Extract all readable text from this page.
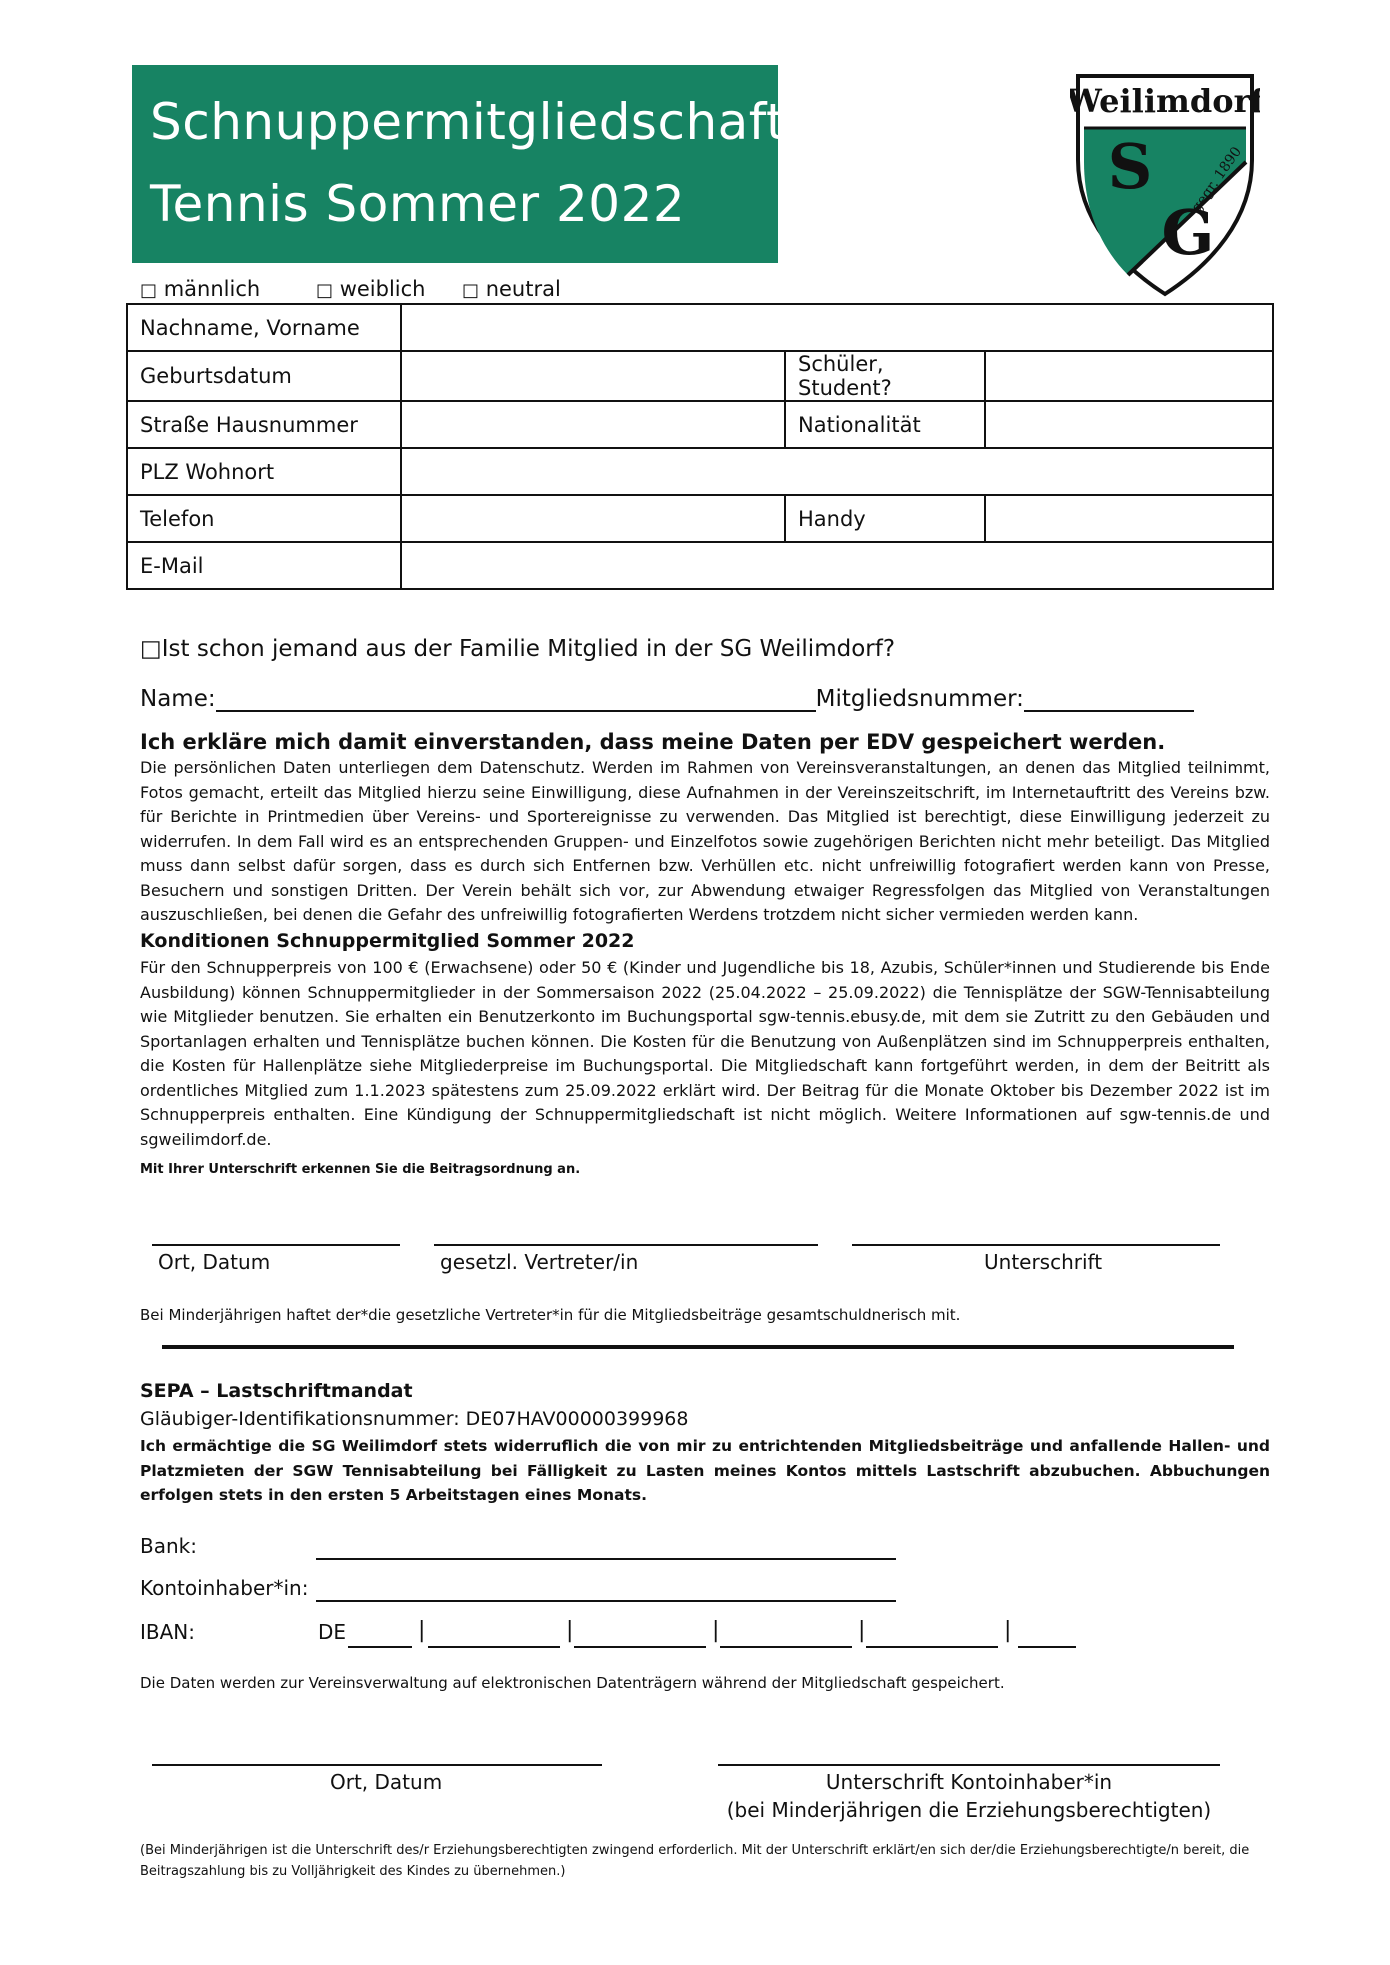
Schnuppermitgliedschaft
Tennis Sommer 2022
Weilimdorf
S
G
gegr. 1890
□ männlich	□ weiblich □ neutral
Nachname, Vorname			
Geburtsdatum		Schüler, Student?	
Straße Hausnummer		Nationalität	
PLZ Wohnort			
Telefon		Handy	
E-Mail			
□Ist schon jemand aus der Familie Mitglied in der SG Weilimdorf?
Name:	Mitgliedsnummer:
Ich erkläre mich damit einverstanden, dass meine Daten per EDV gespeichert werden.
Die persönlichen Daten unterliegen dem Datenschutz. Werden im Rahmen von Vereinsveranstaltungen, an denen das Mitglied teilnimmt, Fotos gemacht, erteilt das Mitglied hierzu seine Einwilligung, diese Aufnahmen in der Vereinszeitschrift, im Internetauftritt des Vereins bzw. für Berichte in Printmedien über Vereins- und Sportereignisse zu verwenden. Das Mitglied ist berechtigt, diese Einwilligung jederzeit zu widerrufen. In dem Fall wird es an entsprechenden Gruppen- und Einzelfotos sowie zugehörigen Berichten nicht mehr beteiligt. Das Mitglied muss dann selbst dafür sorgen, dass es durch sich Entfernen bzw. Verhüllen etc. nicht unfreiwillig fotografiert werden kann von Presse, Besuchern und sonstigen Dritten. Der Verein behält sich vor, zur Abwendung etwaiger Regressfolgen das Mitglied von Veranstaltungen auszuschließen, bei denen die Gefahr des unfreiwillig fotografierten Werdens trotzdem nicht sicher vermieden werden kann.
Konditionen Schnuppermitglied Sommer 2022
Für den Schnupperpreis von 100 € (Erwachsene) oder 50 € (Kinder und Jugendliche bis 18, Azubis, Schüler*innen und Studierende bis Ende Ausbildung) können Schnuppermitglieder in der Sommersaison 2022 (25.04.2022 – 25.09.2022) die Tennisplätze der SGW-Tennisabteilung wie Mitglieder benutzen. Sie erhalten ein Benutzerkonto im Buchungsportal sgw-tennis.ebusy.de, mit dem sie Zutritt zu den Gebäuden und Sportanlagen erhalten und Tennisplätze buchen können. Die Kosten für die Benutzung von Außenplätzen sind im Schnupperpreis enthalten, die Kosten für Hallenplätze siehe Mitgliederpreise im Buchungsportal. Die Mitgliedschaft kann fortgeführt werden, in dem der Beitritt als ordentliches Mitglied zum 1.1.2023 spätestens zum 25.09.2022 erklärt wird. Der Beitrag für die Monate Oktober bis Dezember 2022 ist im Schnupperpreis enthalten. Eine Kündigung der Schnuppermitgliedschaft ist nicht möglich. Weitere Informationen auf sgw-tennis.de und sgweilimdorf.de.
Mit Ihrer Unterschrift erkennen Sie die Beitragsordnung an.
Ort, Datum	gesetzl. Vertreter/in	Unterschrift
Bei Minderjährigen haftet der*die gesetzliche Vertreter*in für die Mitgliedsbeiträge gesamtschuldnerisch mit.
SEPA – Lastschriftmandat
Gläubiger-Identifikationsnummer: DE07HAV00000399968
Ich ermächtige die SG Weilimdorf stets widerruflich die von mir zu entrichtenden Mitgliedsbeiträge und anfallende Hallen- und Platzmieten der SGW Tennisabteilung bei Fälligkeit zu Lasten meines Kontos mittels Lastschrift abzubuchen. Abbuchungen erfolgen stets in den ersten 5 Arbeitstagen eines Monats.
Bank:
Kontoinhaber*in:
IBAN:	DE	|	|	|	|	|
Die Daten werden zur Vereinsverwaltung auf elektronischen Datenträgern während der Mitgliedschaft gespeichert.
Ort, Datum	Unterschrift Kontoinhaber*in
(bei Minderjährigen die Erziehungsberechtigten)
(Bei Minderjährigen ist die Unterschrift des/r Erziehungsberechtigten zwingend erforderlich. Mit der Unterschrift erklärt/en sich der/die Erziehungsberechtigte/n bereit, die Beitragszahlung bis zu Volljährigkeit des Kindes zu übernehmen.)
